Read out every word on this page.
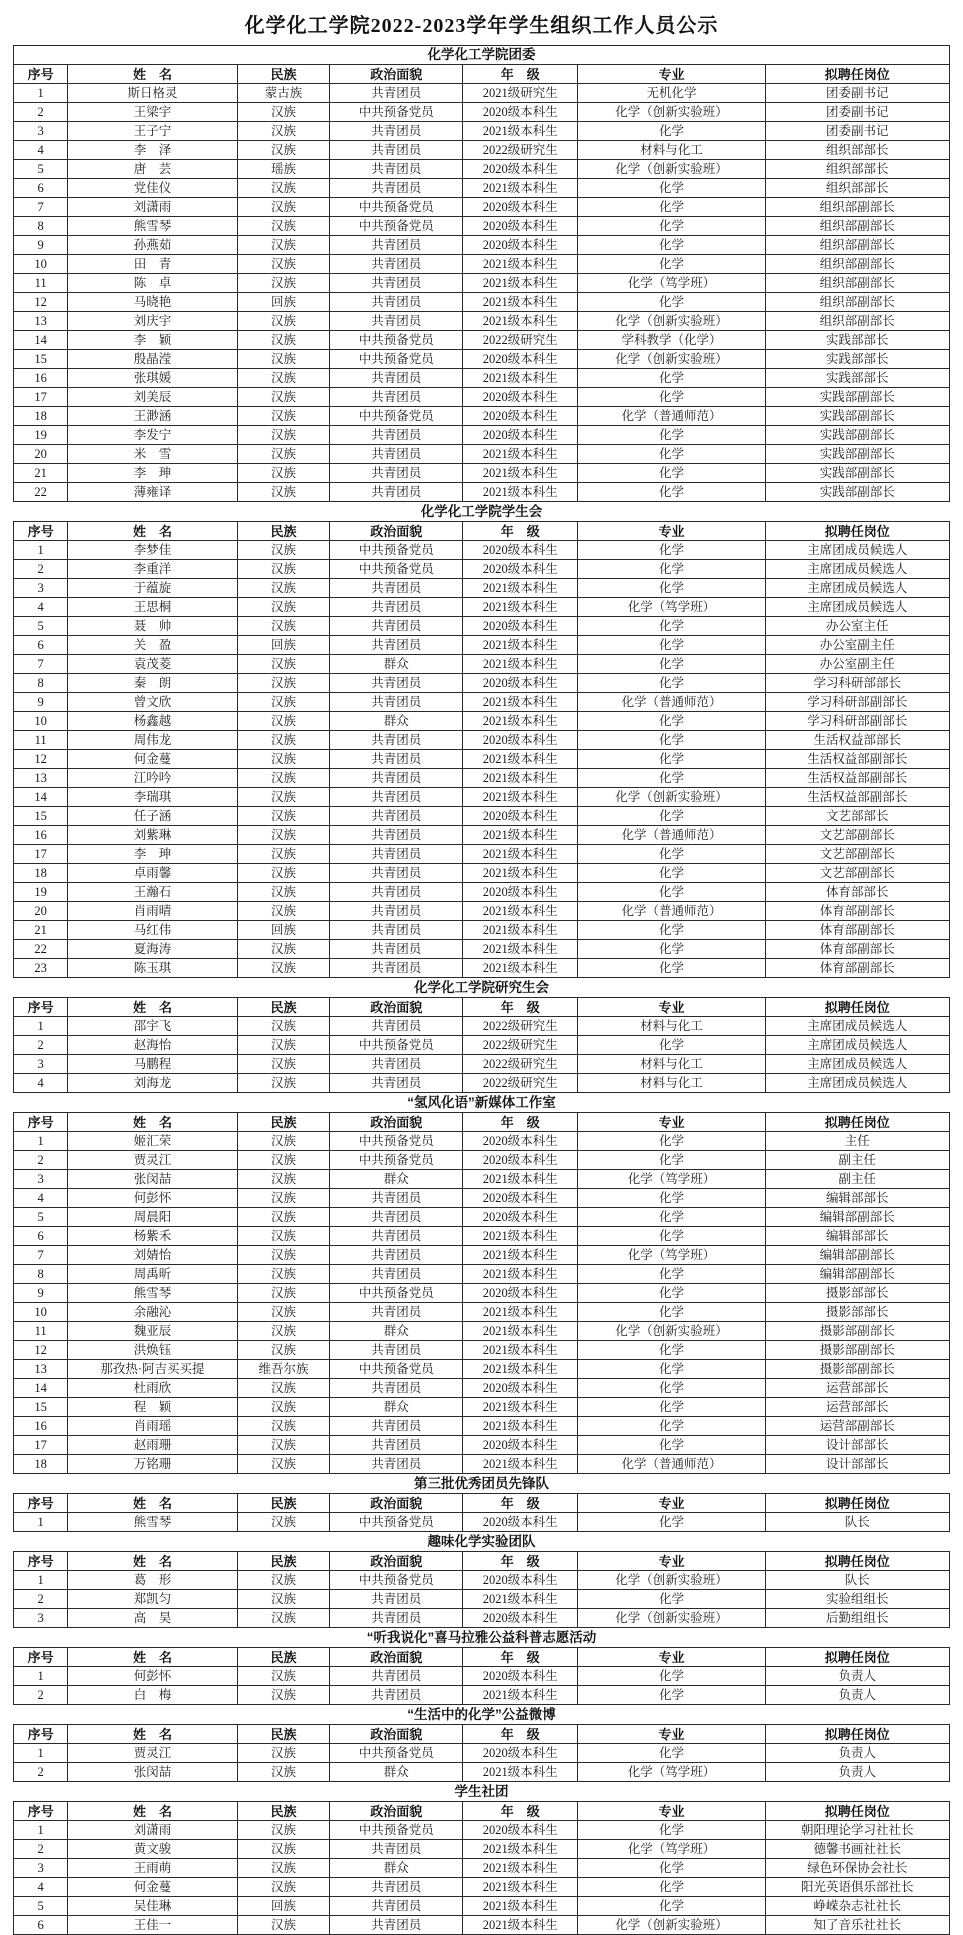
化学化工学院2022-2023学年学生组织工作人员公示
化学化工学院团委						
序号	姓　名	民族	政治面貌	年　级	专业	拟聘任岗位
1	斯日格灵	蒙古族	共青团员	2021级研究生	无机化学	团委副书记
2	王梁宇	汉族	中共预备党员	2020级本科生	化学（创新实验班）	团委副书记
3	王子宁	汉族	共青团员	2021级本科生	化学	团委副书记
4	李　泽	汉族	共青团员	2022级研究生	材料与化工	组织部部长
5	唐　芸	瑶族	共青团员	2020级本科生	化学（创新实验班）	组织部部长
6	党佳仪	汉族	共青团员	2021级本科生	化学	组织部部长
7	刘潇雨	汉族	中共预备党员	2020级本科生	化学	组织部副部长
8	熊雪琴	汉族	中共预备党员	2020级本科生	化学	组织部副部长
9	孙燕茹	汉族	共青团员	2020级本科生	化学	组织部副部长
10	田　青	汉族	共青团员	2021级本科生	化学	组织部副部长
11	陈　卓	汉族	共青团员	2021级本科生	化学（笃学班）	组织部副部长
12	马晓艳	回族	共青团员	2021级本科生	化学	组织部副部长
13	刘庆宇	汉族	共青团员	2021级本科生	化学（创新实验班）	组织部副部长
14	李　颖	汉族	中共预备党员	2022级研究生	学科教学（化学）	实践部部长
15	殷晶滢	汉族	中共预备党员	2020级本科生	化学（创新实验班）	实践部部长
16	张琪媛	汉族	共青团员	2021级本科生	化学	实践部部长
17	刘美辰	汉族	共青团员	2020级本科生	化学	实践部副部长
18	王渺涵	汉族	中共预备党员	2020级本科生	化学（普通师范）	实践部副部长
19	李发宁	汉族	共青团员	2020级本科生	化学	实践部副部长
20	米　雪	汉族	共青团员	2021级本科生	化学	实践部副部长
21	李　珅	汉族	共青团员	2021级本科生	化学	实践部副部长
22	薄雍译	汉族	共青团员	2021级本科生	化学	实践部副部长
化学化工学院学生会
序号	姓　名	民族	政治面貌	年　级	专业	拟聘任岗位
1	李梦佳	汉族	中共预备党员	2020级本科生	化学	主席团成员候选人
2	李重洋	汉族	中共预备党员	2020级本科生	化学	主席团成员候选人
3	于蕴旋	汉族	共青团员	2021级本科生	化学	主席团成员候选人
4	王思桐	汉族	共青团员	2021级本科生	化学（笃学班）	主席团成员候选人
5	聂　帅	汉族	共青团员	2020级本科生	化学	办公室主任
6	关　盈	回族	共青团员	2021级本科生	化学	办公室副主任
7	袁茂菱	汉族	群众	2021级本科生	化学	办公室副主任
8	秦　朗	汉族	共青团员	2020级本科生	化学	学习科研部部长
9	曾文欣	汉族	共青团员	2021级本科生	化学（普通师范）	学习科研部副部长
10	杨鑫越	汉族	群众	2021级本科生	化学	学习科研部副部长
11	周伟龙	汉族	共青团员	2020级本科生	化学	生活权益部部长
12	何金蔓	汉族	共青团员	2021级本科生	化学	生活权益部副部长
13	江吟吟	汉族	共青团员	2021级本科生	化学	生活权益部副部长
14	李瑞琪	汉族	共青团员	2021级本科生	化学（创新实验班）	生活权益部副部长
15	任子涵	汉族	共青团员	2020级本科生	化学	文艺部部长
16	刘紫琳	汉族	共青团员	2021级本科生	化学（普通师范）	文艺部副部长
17	李　珅	汉族	共青团员	2021级本科生	化学	文艺部副部长
18	卓雨馨	汉族	共青团员	2021级本科生	化学	文艺部副部长
19	王瀚石	汉族	共青团员	2020级本科生	化学	体育部部长
20	肖雨晴	汉族	共青团员	2021级本科生	化学（普通师范）	体育部副部长
21	马红伟	回族	共青团员	2021级本科生	化学	体育部副部长
22	夏海涛	汉族	共青团员	2021级本科生	化学	体育部副部长
23	陈玉琪	汉族	共青团员	2021级本科生	化学	体育部副部长
化学化工学院研究生会
序号	姓　名	民族	政治面貌	年　级	专业	拟聘任岗位
1	邵宇飞	汉族	共青团员	2022级研究生	材料与化工	主席团成员候选人
2	赵海怡	汉族	中共预备党员	2022级研究生	化学	主席团成员候选人
3	马鹏程	汉族	共青团员	2022级研究生	材料与化工	主席团成员候选人
4	刘海龙	汉族	共青团员	2022级研究生	材料与化工	主席团成员候选人
“氢风化语”新媒体工作室
序号	姓　名	民族	政治面貌	年　级	专业	拟聘任岗位
1	姬汇荣	汉族	中共预备党员	2020级本科生	化学	主任
2	贾灵江	汉族	中共预备党员	2020级本科生	化学	副主任
3	张闵喆	汉族	群众	2021级本科生	化学（笃学班）	副主任
4	何彭怀	汉族	共青团员	2020级本科生	化学	编辑部部长
5	周晨阳	汉族	共青团员	2020级本科生	化学	编辑部副部长
6	杨紫禾	汉族	共青团员	2021级本科生	化学	编辑部部长
7	刘婧怡	汉族	共青团员	2021级本科生	化学（笃学班）	编辑部副部长
8	周禹昕	汉族	共青团员	2021级本科生	化学	编辑部副部长
9	熊雪琴	汉族	中共预备党员	2020级本科生	化学	摄影部部长
10	余融沁	汉族	共青团员	2021级本科生	化学	摄影部部长
11	魏亚辰	汉族	群众	2021级本科生	化学（创新实验班）	摄影部副部长
12	洪焕钰	汉族	共青团员	2021级本科生	化学	摄影部副部长
13	那孜热·阿吉买买提	维吾尔族	中共预备党员	2021级本科生	化学	摄影部副部长
14	杜雨欣	汉族	共青团员	2020级本科生	化学	运营部部长
15	程　颖	汉族	群众	2021级本科生	化学	运营部部长
16	肖雨瑶	汉族	共青团员	2021级本科生	化学	运营部副部长
17	赵雨珊	汉族	共青团员	2020级本科生	化学	设计部部长
18	万铭珊	汉族	共青团员	2021级本科生	化学（普通师范）	设计部部长
第三批优秀团员先锋队
序号	姓　名	民族	政治面貌	年　级	专业	拟聘任岗位
1	熊雪琴	汉族	中共预备党员	2020级本科生	化学	队长
趣味化学实验团队
序号	姓　名	民族	政治面貌	年　级	专业	拟聘任岗位
1	葛　形	汉族	中共预备党员	2020级本科生	化学（创新实验班）	队长
2	郑凯匀	汉族	共青团员	2021级本科生	化学	实验组组长
3	高　昊	汉族	共青团员	2020级本科生	化学（创新实验班）	后勤组组长
“听我说化”喜马拉雅公益科普志愿活动
序号	姓　名	民族	政治面貌	年　级	专业	拟聘任岗位
1	何彭怀	汉族	共青团员	2020级本科生	化学	负责人
2	白　梅	汉族	共青团员	2021级本科生	化学	负责人
“生活中的化学”公益微博
序号	姓　名	民族	政治面貌	年　级	专业	拟聘任岗位
1	贾灵江	汉族	中共预备党员	2020级本科生	化学	负责人
2	张闵喆	汉族	群众	2021级本科生	化学（笃学班）	负责人
学生社团
序号	姓　名	民族	政治面貌	年　级	专业	拟聘任岗位
1	刘潇雨	汉族	中共预备党员	2020级本科生	化学	朝阳理论学习社社长
2	黄文骏	汉族	共青团员	2021级本科生	化学（笃学班）	德馨书画社社长
3	王雨萌	汉族	群众	2021级本科生	化学	绿色环保协会社长
4	何金蔓	汉族	共青团员	2021级本科生	化学	阳光英语俱乐部社长
5	吴佳琳	回族	共青团员	2021级本科生	化学	峥嵘杂志社社长
6	王佳一	汉族	共青团员	2021级本科生	化学（创新实验班）	知了音乐社社长
